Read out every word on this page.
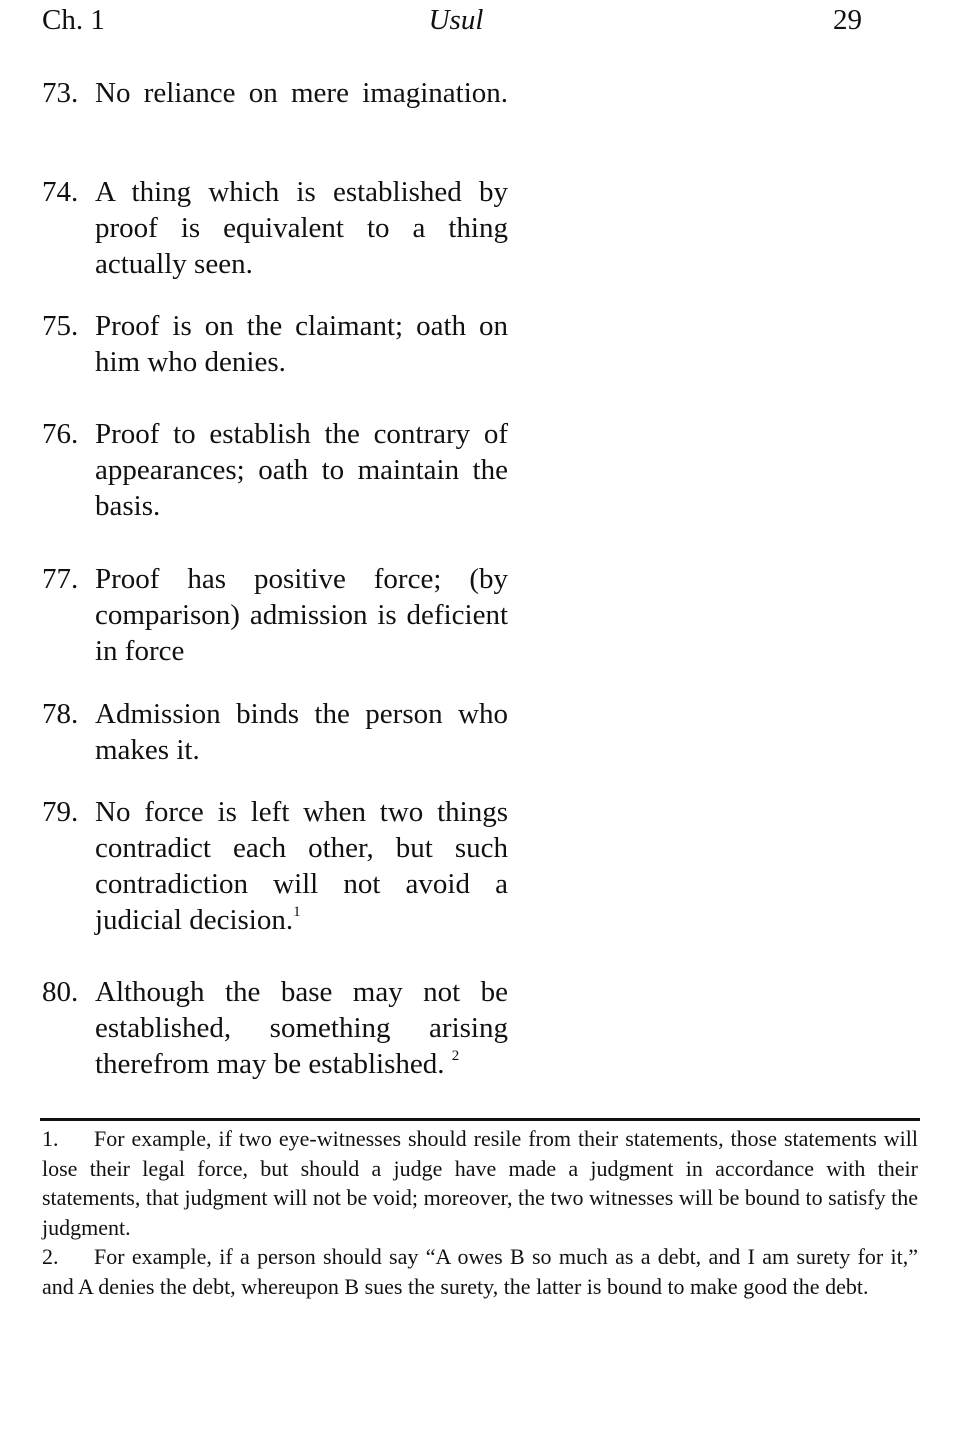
Ch. 1	Usul	29
73. No reliance on mere imagination.
74. A thing which is established by proof is equivalent to a thing actually seen.
75. Proof is on the claimant; oath on him who denies.
76. Proof to establish the contrary of appearances; oath to maintain the basis.
77. Proof has positive force; (by comparison) admission is deficient in force
78. Admission binds the person who makes it.
79. No force is left when two things contradict each other, but such contradiction will not avoid a judicial decision.$^1$
80. Although the base may not be established, something arising therefrom may be established. $^2$

1. For example, if two eye-witnesses should resile from their statements, those statements will lose their legal force, but should a judge have made a judgment in accordance with their statements, that judgment will not be void; moreover, the two witnesses will be bound to satisfy the judgment.

2. For example, if a person should say “A owes B so much as a debt, and I am surety for it,” and A denies the debt, whereupon B sues the surety, the latter is bound to make good the debt.
